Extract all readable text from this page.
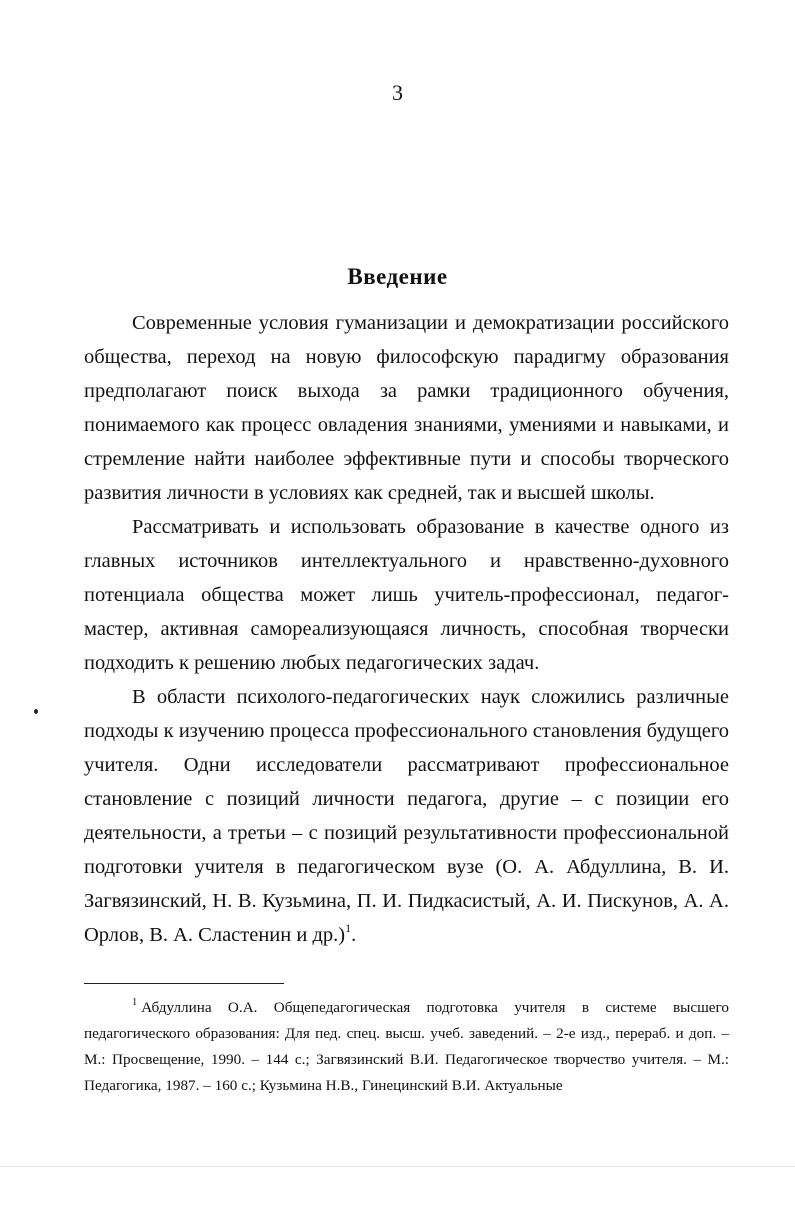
3
Введение

Современные условия гуманизации и демократизации российского общества, переход на новую философскую парадигму образования предполагают поиск выхода за рамки традиционного обучения, понимаемого как процесс овладения знаниями, умениями и навыками, и стремление найти наиболее эффективные пути и способы творческого развития личности в условиях как средней, так и высшей школы.

Рассматривать и использовать образование в качестве одного из главных источников интеллектуального и нравственно-духовного потенциала общества может лишь учитель-профессионал, педагог-мастер, активная самореализующаяся личность, способная творчески подходить к решению любых педагогических задач.

В области психолого-педагогических наук сложились различные подходы к изучению процесса профессионального становления будущего учителя. Одни исследователи рассматривают профессиональное становление с позиций личности педагога, другие – с позиции его деятельности, а третьи – с позиций результативности профессиональной подготовки учителя в педагогическом вузе (О. А. Абдуллина, В. И. Загвязинский, Н. В. Кузьмина, П. И. Пидкасистый, А. И. Пискунов, А. А. Орлов, В. А. Сластенин и др.)$^1$.

$^1$ Абдуллина О.А. Общепедагогическая подготовка учителя в системе высшего педагогического образования: Для пед. спец. высш. учеб. заведений. – 2-е изд., перераб. и доп. – М.: Просвещение, 1990. – 144 с.; Загвязинский В.И. Педагогическое творчество учителя. – М.: Педагогика, 1987. – 160 с.; Кузьмина Н.В., Гинецинский В.И. Актуальные
